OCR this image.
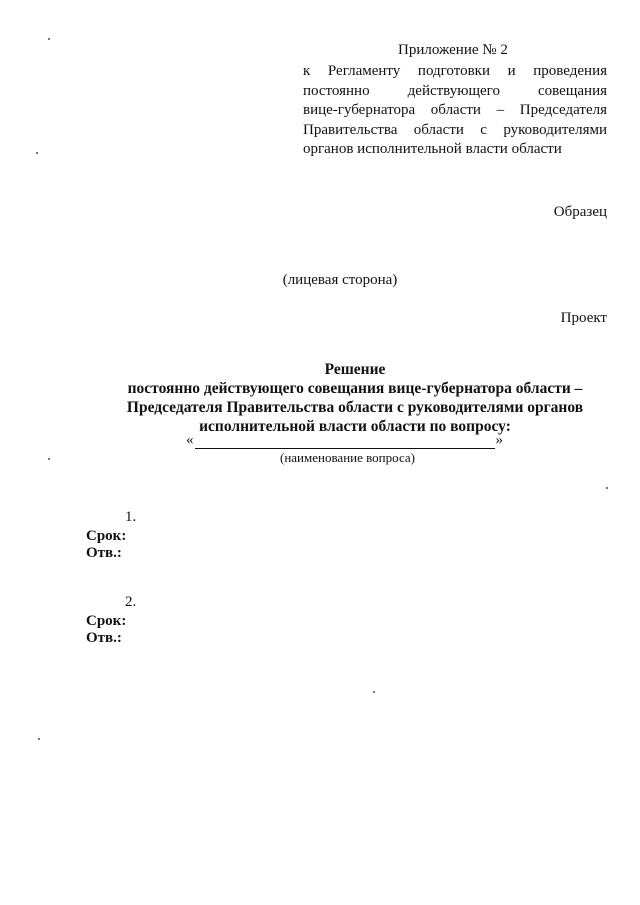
Приложение № 2
к Регламенту подготовки и проведения
постоянно действующего совещания
вице-губернатора области – Председателя
Правительства области с руководителями
органов исполнительной власти области
Образец
(лицевая сторона)
Проект
Решение
постоянно действующего совещания вице-губернатора области –
Председателя Правительства области с руководителями органов
исполнительной власти области по вопросу:
«	»
(наименование вопроса)
1.
Срок:
Отв.:
2.
Срок:
Отв.:
